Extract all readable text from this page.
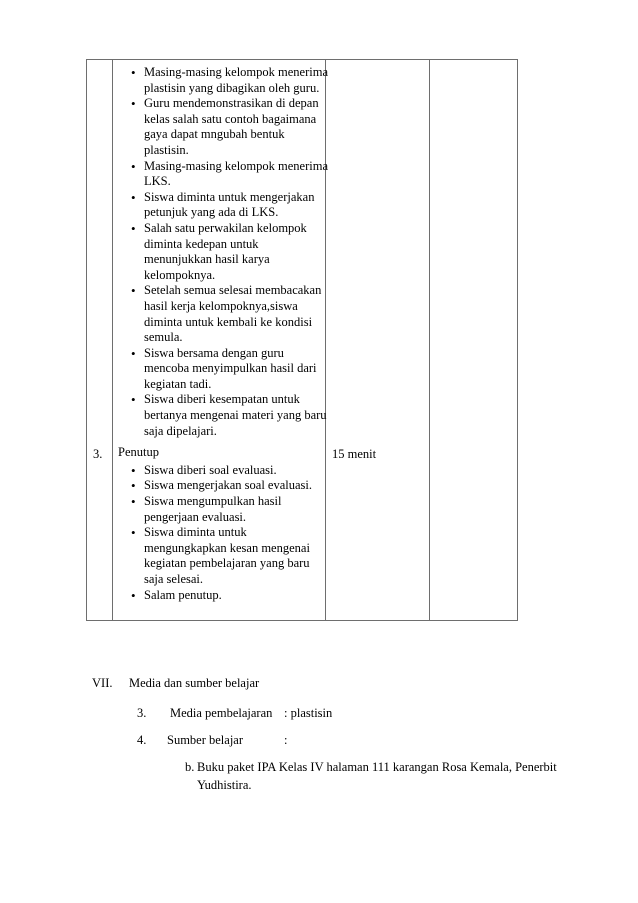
3.
• Masing-masing kelompok menerima plastisin yang dibagikan oleh guru.
• Guru mendemonstrasikan di depan kelas salah satu contoh bagaimana gaya dapat mngubah bentuk plastisin.
• Masing-masing kelompok menerima LKS.
• Siswa diminta untuk mengerjakan petunjuk yang ada di LKS.
• Salah satu perwakilan kelompok diminta kedepan untuk menunjukkan hasil karya kelompoknya.
• Setelah semua selesai membacakan hasil kerja kelompoknya,siswa diminta untuk kembali ke kondisi semula.
• Siswa bersama dengan guru mencoba menyimpulkan hasil dari kegiatan tadi.
• Siswa diberi kesempatan untuk bertanya mengenai materi yang baru saja dipelajari.
Penutup
• Siswa diberi soal evaluasi.
• Siswa mengerjakan soal evaluasi.
• Siswa mengumpulkan hasil pengerjaan evaluasi.
• Siswa diminta untuk mengungkapkan kesan mengenai kegiatan pembelajaran yang baru saja selesai.
• Salam penutup.
15 menit
VII. Media dan sumber belajar
3. Media pembelajaran : plastisin
4. Sumber belajar	:
b. Buku paket IPA Kelas IV halaman 111 karangan Rosa Kemala, Penerbit Yudhistira.
